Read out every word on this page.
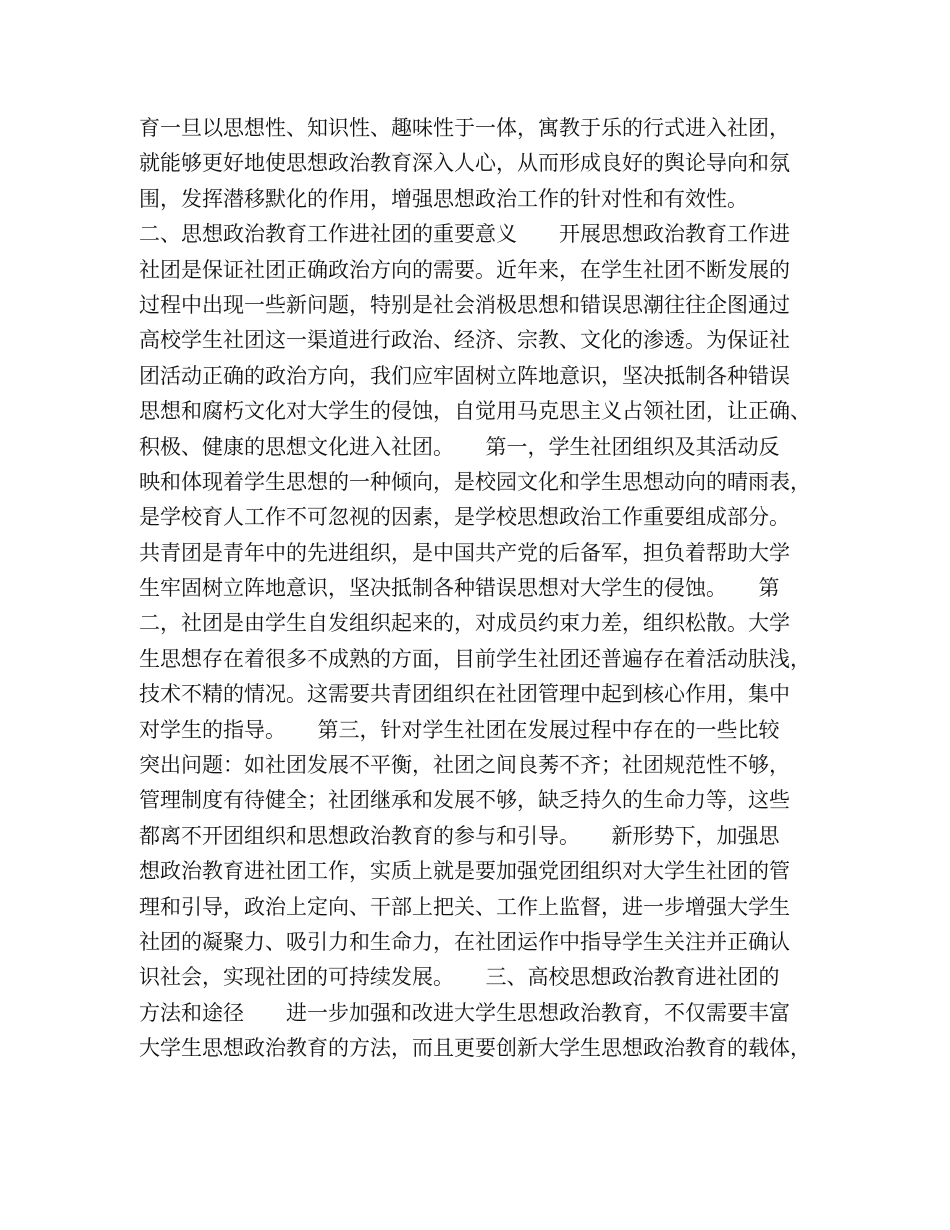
育一旦以思想性、知识性、趣味性于一体，寓教于乐的行式进入社团，
就能够更好地使思想政治教育深入人心，从而形成良好的舆论导向和氛
围，发挥潜移默化的作用，增强思想政治工作的针对性和有效性。
二、思想政治教育工作进社团的重要意义　　开展思想政治教育工作进
社团是保证社团正确政治方向的需要。近年来，在学生社团不断发展的
过程中出现一些新问题，特别是社会消极思想和错误思潮往往企图通过
高校学生社团这一渠道进行政治、经济、宗教、文化的渗透。为保证社
团活动正确的政治方向，我们应牢固树立阵地意识，坚决抵制各种错误
思想和腐朽文化对大学生的侵蚀，自觉用马克思主义占领社团，让正确、
积极、健康的思想文化进入社团。　　第一，学生社团组织及其活动反
映和体现着学生思想的一种倾向，是校园文化和学生思想动向的晴雨表，
是学校育人工作不可忽视的因素，是学校思想政治工作重要组成部分。
共青团是青年中的先进组织，是中国共产党的后备军，担负着帮助大学
生牢固树立阵地意识，坚决抵制各种错误思想对大学生的侵蚀。　　第
二，社团是由学生自发组织起来的，对成员约束力差，组织松散。大学
生思想存在着很多不成熟的方面，目前学生社团还普遍存在着活动肤浅，
技术不精的情况。这需要共青团组织在社团管理中起到核心作用，集中
对学生的指导。　　第三，针对学生社团在发展过程中存在的一些比较
突出问题：如社团发展不平衡，社团之间良莠不齐；社团规范性不够，
管理制度有待健全；社团继承和发展不够，缺乏持久的生命力等，这些
都离不开团组织和思想政治教育的参与和引导。　　新形势下，加强思
想政治教育进社团工作，实质上就是要加强党团组织对大学生社团的管
理和引导，政治上定向、干部上把关、工作上监督，进一步增强大学生
社团的凝聚力、吸引力和生命力，在社团运作中指导学生关注并正确认
识社会，实现社团的可持续发展。　　三、高校思想政治教育进社团的
方法和途径　　进一步加强和改进大学生思想政治教育，不仅需要丰富
大学生思想政治教育的方法，而且更要创新大学生思想政治教育的载体，
